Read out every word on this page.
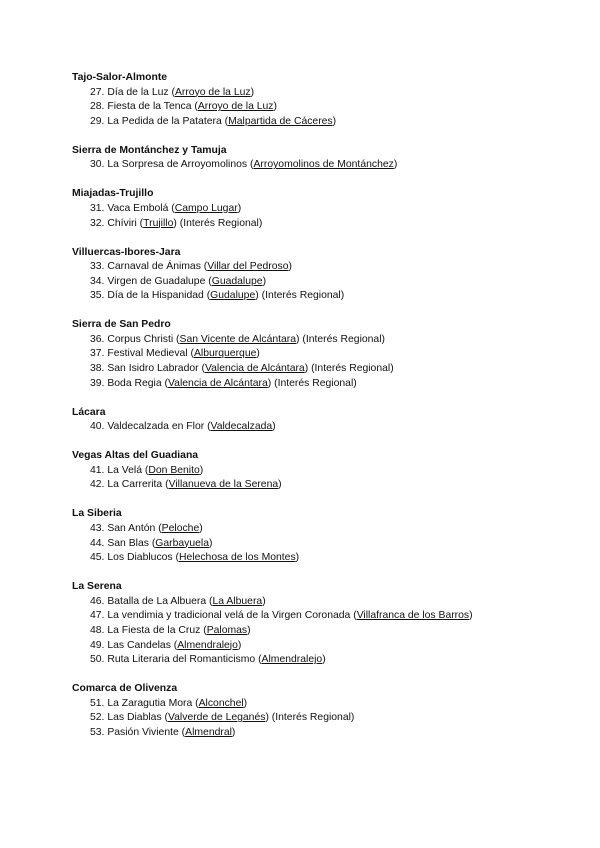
Tajo-Salor-Almonte
27. Día de la Luz (Arroyo de la Luz)
28. Fiesta de la Tenca (Arroyo de la Luz)
29. La Pedida de la Patatera (Malpartida de Cáceres)
Sierra de Montánchez y Tamuja
30. La Sorpresa de Arroyomolinos (Arroyomolinos de Montánchez)
Miajadas-Trujillo
31. Vaca Embolá (Campo Lugar)
32. Chíviri (Trujillo) (Interés Regional)
Villuercas-Ibores-Jara
33. Carnaval de Ánimas (Villar del Pedroso)
34. Virgen de Guadalupe (Guadalupe)
35. Día de la Hispanidad (Gudalupe) (Interés Regional)
Sierra de San Pedro
36. Corpus Christi (San Vicente de Alcántara) (Interés Regional)
37. Festival Medieval (Alburquerque)
38. San Isidro Labrador (Valencia de Alcántara) (Interés Regional)
39. Boda Regia (Valencia de Alcántara) (Interés Regional)
Lácara
40. Valdecalzada en Flor (Valdecalzada)
Vegas Altas del Guadiana
41. La Velá (Don Benito)
42. La Carrerita (Villanueva de la Serena)
La Siberia
43. San Antón (Peloche)
44. San Blas (Garbayuela)
45. Los Diablucos (Helechosa de los Montes)
La Serena
46. Batalla de La Albuera (La Albuera)
47. La vendimia y tradicional velá de la Virgen Coronada (Villafranca de los Barros)
48. La Fiesta de la Cruz (Palomas)
49. Las Candelas (Almendralejo)
50. Ruta Literaria del Romanticismo (Almendralejo)
Comarca de Olivenza
51. La Zaragutia Mora (Alconchel)
52. Las Diablas (Valverde de Leganés) (Interés Regional)
53. Pasión Viviente (Almendral)
